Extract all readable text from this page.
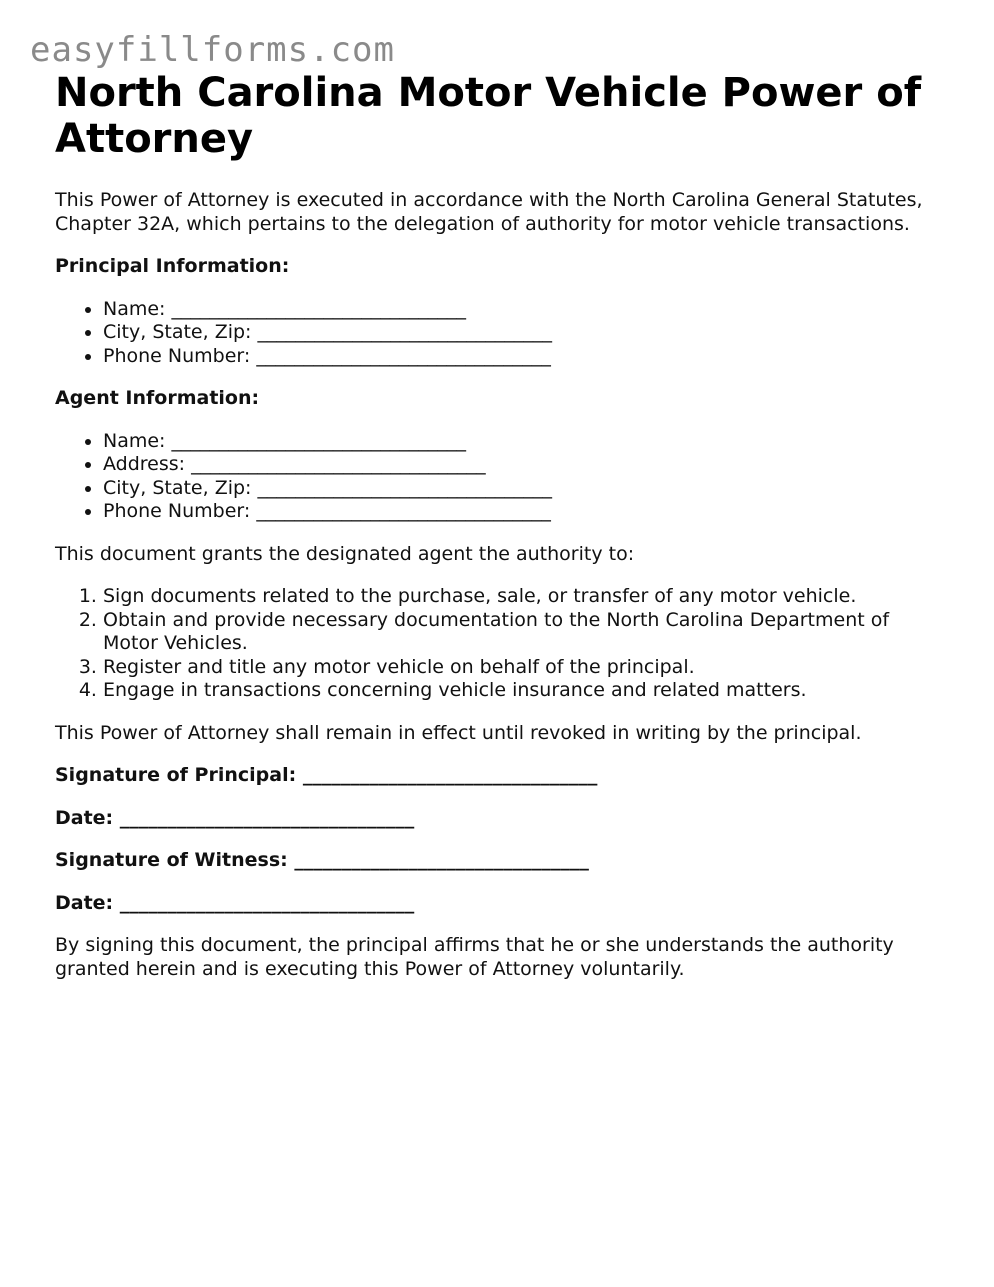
easyfillforms.com
North Carolina Motor Vehicle Power of Attorney

This Power of Attorney is executed in accordance with the North Carolina General Statutes, Chapter 32A, which pertains to the delegation of authority for motor vehicle transactions.

Principal Information:

• Name: _______________________________
• City, State, Zip: _______________________________
• Phone Number: _______________________________

Agent Information:

• Name: _______________________________
• Address: _______________________________
• City, State, Zip: _______________________________
• Phone Number: _______________________________

This document grants the designated agent the authority to:

1. Sign documents related to the purchase, sale, or transfer of any motor vehicle.
2. Obtain and provide necessary documentation to the North Carolina Department of Motor Vehicles.
3. Register and title any motor vehicle on behalf of the principal.
4. Engage in transactions concerning vehicle insurance and related matters.

This Power of Attorney shall remain in effect until revoked in writing by the principal.

Signature of Principal: _______________________________

Date: _______________________________

Signature of Witness: _______________________________

Date: _______________________________

By signing this document, the principal affirms that he or she understands the authority granted herein and is executing this Power of Attorney voluntarily.
